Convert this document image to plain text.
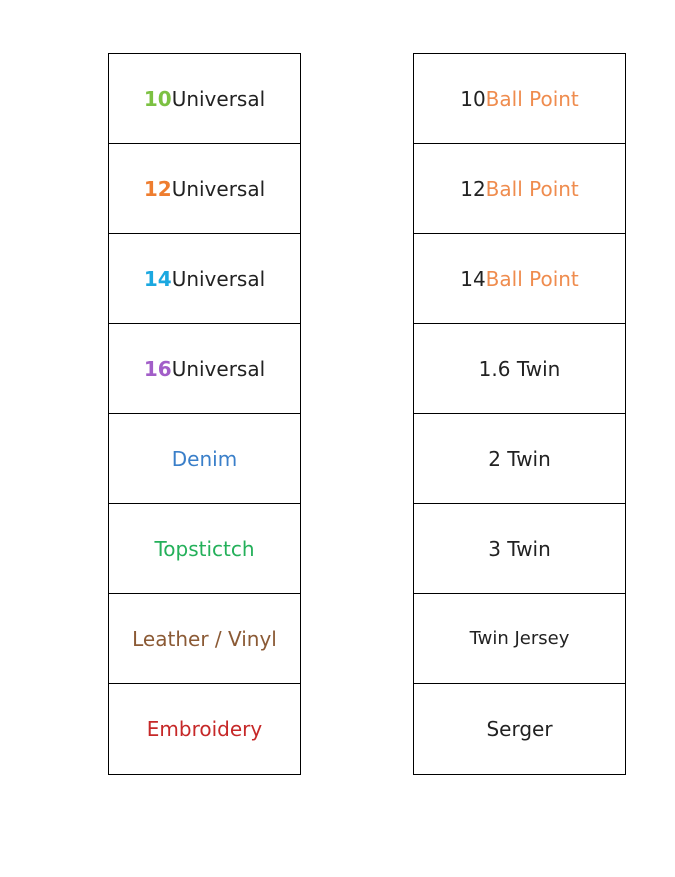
10 Universal
12 Universal
14 Universal
16 Universal
Denim
Topstictch
Leather / Vinyl
Embroidery
10 Ball Point
12 Ball Point
14 Ball Point
1.6 Twin
2 Twin
3 Twin
Twin Jersey
Serger
